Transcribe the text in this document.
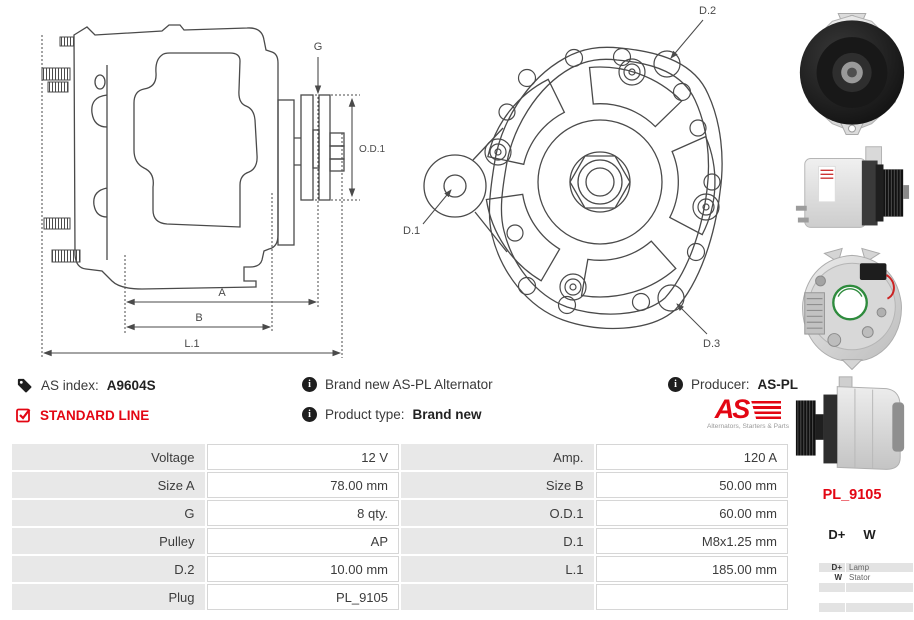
G
O.D.1
A
B
L.1
D.2
D.1
D.3
AS index: A9604S
STANDARD LINE
i	Brand new AS-PL Alternator
i	Product type: Brand new
i	Producer: AS-PL
AS
Alternators, Starters & Parts
Voltage	12 V	Amp.	120 A
Size A	78.00 mm	Size B	50.00 mm
G	8 qty.	O.D.1	60.00 mm
Pulley	AP	D.1	M8x1.25 mm
D.2	10.00 mm	L.1	185.00 mm
Plug	PL_9105		
PL_9105
D+ W
D+	Lamp
W	Stator
